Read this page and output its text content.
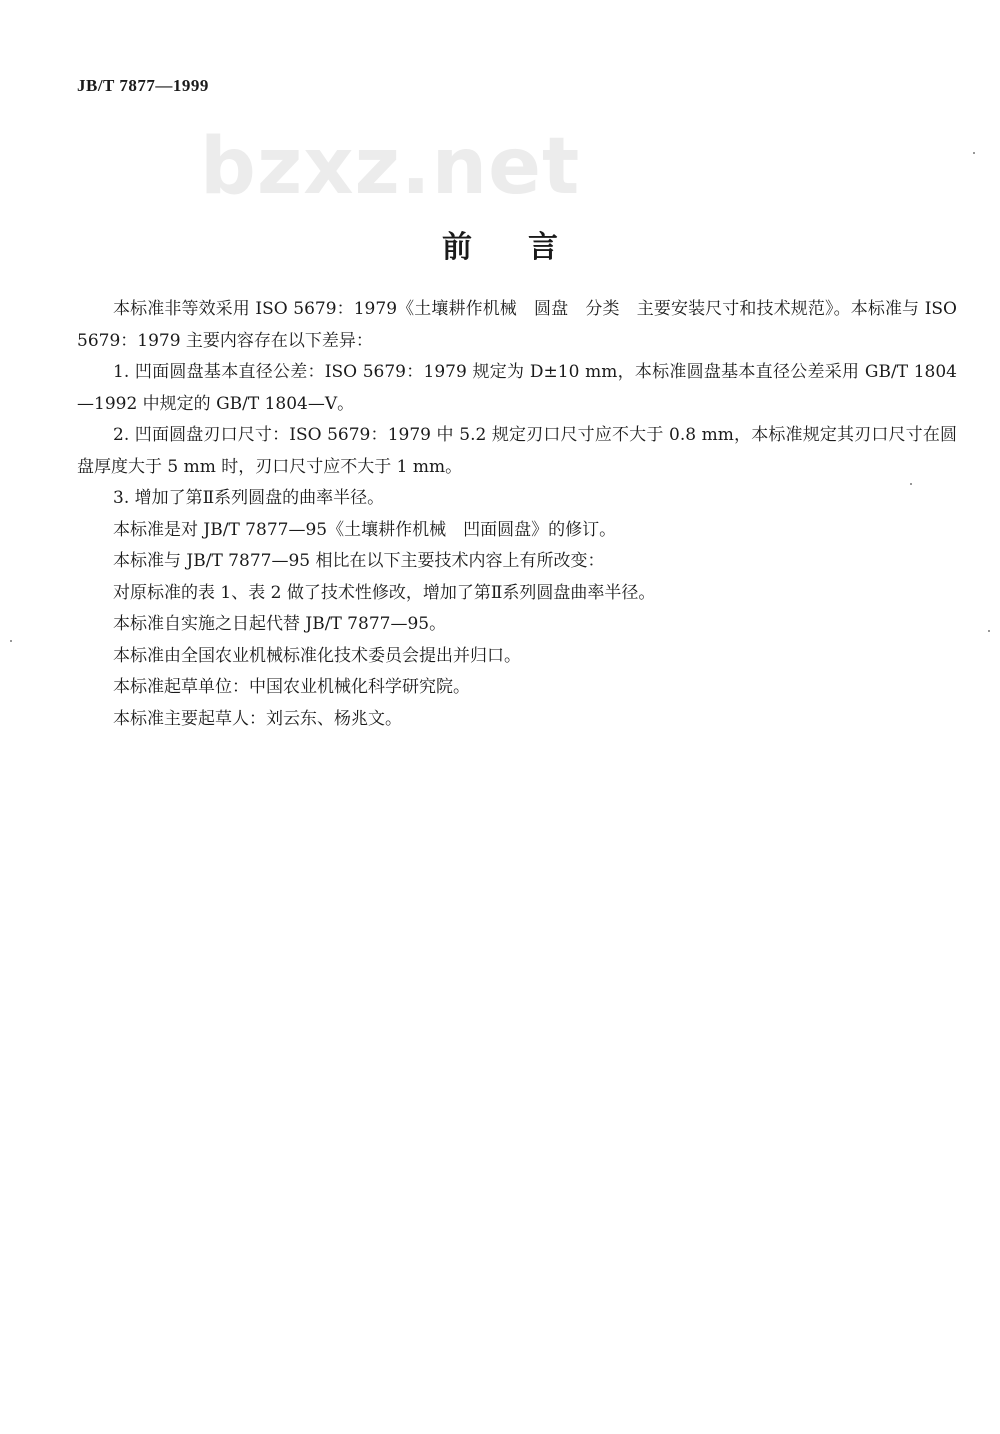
JB/T 7877—1999
bzxz.net
前言

本标准非等效采用 ISO 5679：1979《土壤耕作机械　圆盘　分类　主要安装尺寸和技术规范》。本标准与 ISO 5679：1979 主要内容存在以下差异：

1. 凹面圆盘基本直径公差：ISO 5679：1979 规定为 D±10 mm，本标准圆盘基本直径公差采用 GB/T 1804—1992 中规定的 GB/T 1804—V。

2. 凹面圆盘刃口尺寸：ISO 5679：1979 中 5.2 规定刃口尺寸应不大于 0.8 mm，本标准规定其刃口尺寸在圆盘厚度大于 5 mm 时，刃口尺寸应不大于 1 mm。

3. 增加了第Ⅱ系列圆盘的曲率半径。

本标准是对 JB/T 7877—95《土壤耕作机械　凹面圆盘》的修订。

本标准与 JB/T 7877—95 相比在以下主要技术内容上有所改变：

对原标准的表 1、表 2 做了技术性修改，增加了第Ⅱ系列圆盘曲率半径。

本标准自实施之日起代替 JB/T 7877—95。

本标准由全国农业机械标准化技术委员会提出并归口。

本标准起草单位：中国农业机械化科学研究院。

本标准主要起草人：刘云东、杨兆文。
